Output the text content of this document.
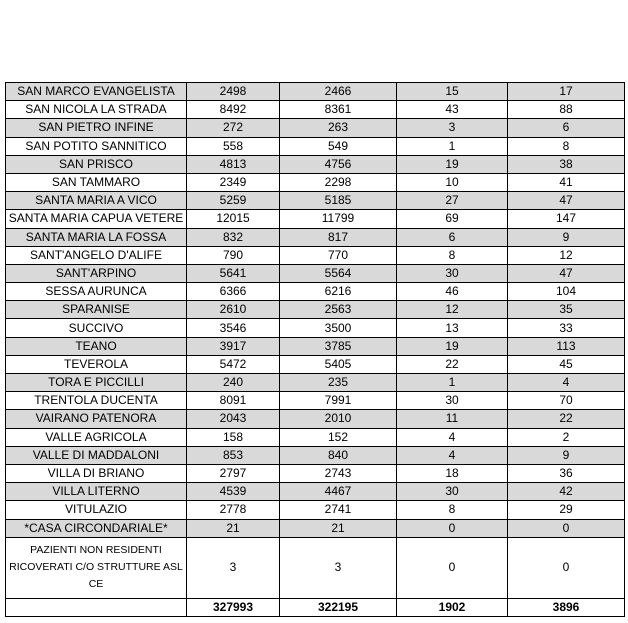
SAN MARCO EVANGELISTA	2498	2466	15	17
SAN NICOLA LA STRADA	8492	8361	43	88
SAN PIETRO INFINE	272	263	3	6
SAN POTITO SANNITICO	558	549	1	8
SAN PRISCO	4813	4756	19	38
SAN TAMMARO	2349	2298	10	41
SANTA MARIA A VICO	5259	5185	27	47
SANTA MARIA CAPUA VETERE	12015	11799	69	147
SANTA MARIA LA FOSSA	832	817	6	9
SANT'ANGELO D'ALIFE	790	770	8	12
SANT'ARPINO	5641	5564	30	47
SESSA AURUNCA	6366	6216	46	104
SPARANISE	2610	2563	12	35
SUCCIVO	3546	3500	13	33
TEANO	3917	3785	19	113
TEVEROLA	5472	5405	22	45
TORA E PICCILLI	240	235	1	4
TRENTOLA DUCENTA	8091	7991	30	70
VAIRANO PATENORA	2043	2010	11	22
VALLE AGRICOLA	158	152	4	2
VALLE DI MADDALONI	853	840	4	9
VILLA DI BRIANO	2797	2743	18	36
VILLA LITERNO	4539	4467	30	42
VITULAZIO	2778	2741	8	29
*CASA CIRCONDARIALE*	21	21	0	0
PAZIENTI NON RESIDENTI RICOVERATI C/O STRUTTURE ASL CE	3	3	0	0
	327993	322195	1902	3896
